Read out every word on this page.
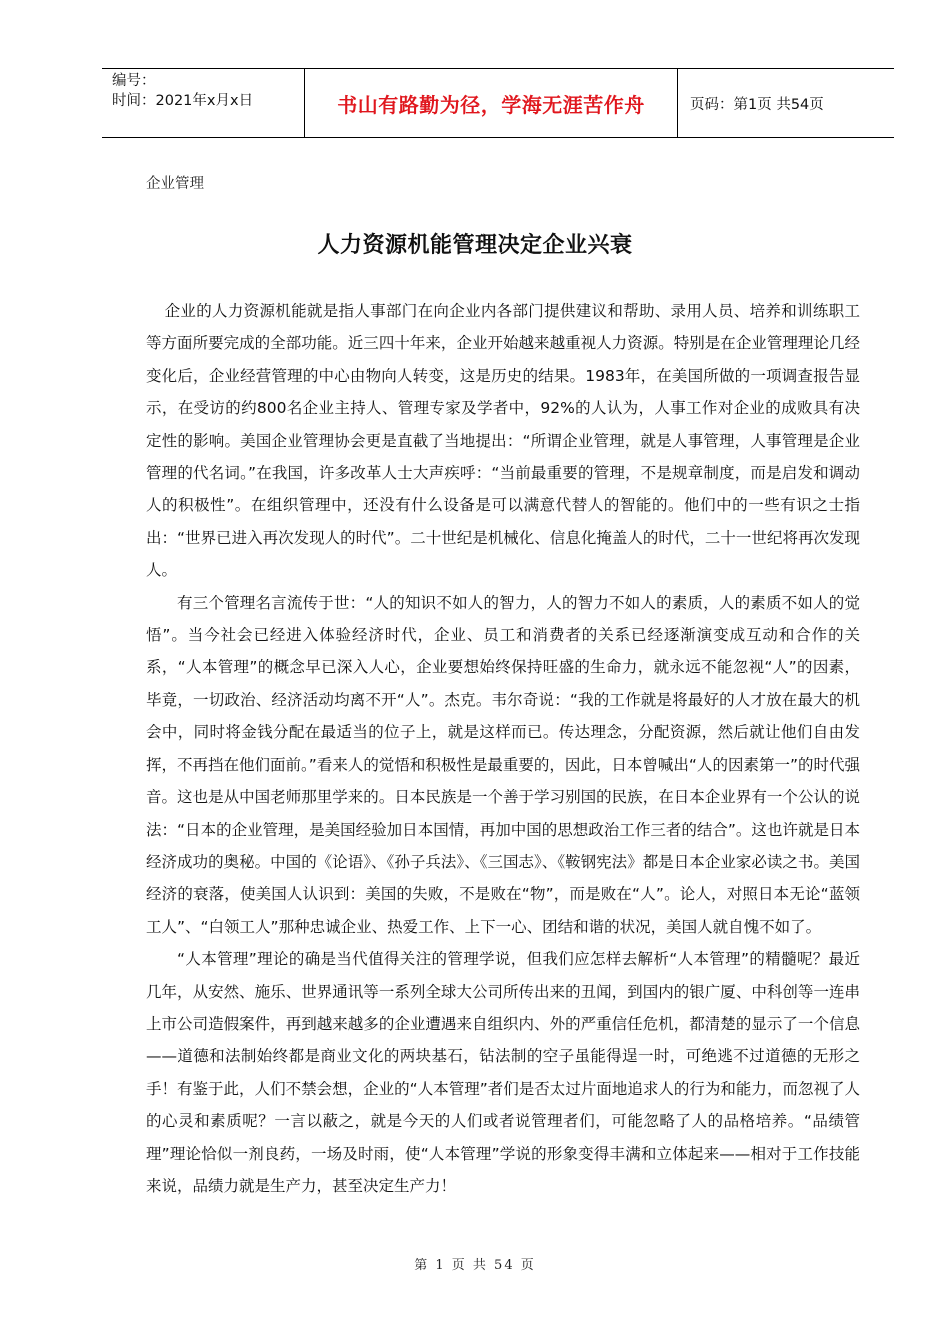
编号：
时间：2021年x月x日	书山有路勤为径，学海无涯苦作舟	页码：第1页 共54页
企业管理
人力资源机能管理决定企业兴衰

企业的人力资源机能就是指人事部门在向企业内各部门提供建议和帮助、录用人员、培养和训练职工等方面所要完成的全部功能。近三四十年来，企业开始越来越重视人力资源。特别是在企业管理理论几经变化后，企业经营管理的中心由物向人转变，这是历史的结果。1983年，在美国所做的一项调查报告显示，在受访的约800名企业主持人、管理专家及学者中，92%的人认为，人事工作对企业的成败具有决定性的影响。美国企业管理协会更是直截了当地提出：“所谓企业管理，就是人事管理，人事管理是企业管理的代名词。”在我国，许多改革人士大声疾呼：“当前最重要的管理，不是规章制度，而是启发和调动人的积极性”。在组织管理中，还没有什么设备是可以满意代替人的智能的。他们中的一些有识之士指出：“世界已进入再次发现人的时代”。二十世纪是机械化、信息化掩盖人的时代，二十一世纪将再次发现人。

有三个管理名言流传于世：“人的知识不如人的智力，人的智力不如人的素质，人的素质不如人的觉悟”。当今社会已经进入体验经济时代，企业、员工和消费者的关系已经逐渐演变成互动和合作的关系，“人本管理”的概念早已深入人心，企业要想始终保持旺盛的生命力，就永远不能忽视“人”的因素，毕竟，一切政治、经济活动均离不开“人”。杰克。韦尔奇说：“我的工作就是将最好的人才放在最大的机会中，同时将金钱分配在最适当的位子上，就是这样而已。传达理念，分配资源，然后就让他们自由发挥，不再挡在他们面前。”看来人的觉悟和积极性是最重要的，因此，日本曾喊出“人的因素第一”的时代强音。这也是从中国老师那里学来的。日本民族是一个善于学习别国的民族，在日本企业界有一个公认的说法：“日本的企业管理，是美国经验加日本国情，再加中国的思想政治工作三者的结合”。这也许就是日本经济成功的奥秘。中国的《论语》、《孙子兵法》、《三国志》、《鞍钢宪法》都是日本企业家必读之书。美国经济的衰落，使美国人认识到：美国的失败，不是败在“物”，而是败在“人”。论人，对照日本无论“蓝领工人”、“白领工人”那种忠诚企业、热爱工作、上下一心、团结和谐的状况，美国人就自愧不如了。

“人本管理”理论的确是当代值得关注的管理学说，但我们应怎样去解析“人本管理”的精髓呢？最近几年，从安然、施乐、世界通讯等一系列全球大公司所传出来的丑闻，到国内的银广厦、中科创等一连串上市公司造假案件，再到越来越多的企业遭遇来自组织内、外的严重信任危机，都清楚的显示了一个信息——道德和法制始终都是商业文化的两块基石，钻法制的空子虽能得逞一时，可绝逃不过道德的无形之手！有鉴于此，人们不禁会想，企业的“人本管理”者们是否太过片面地追求人的行为和能力，而忽视了人的心灵和素质呢？一言以蔽之，就是今天的人们或者说管理者们，可能忽略了人的品格培养。“品绩管理”理论恰似一剂良药，一场及时雨，使“人本管理”学说的形象变得丰满和立体起来——相对于工作技能来说，品绩力就是生产力，甚至决定生产力！

第 1 页 共 54 页
